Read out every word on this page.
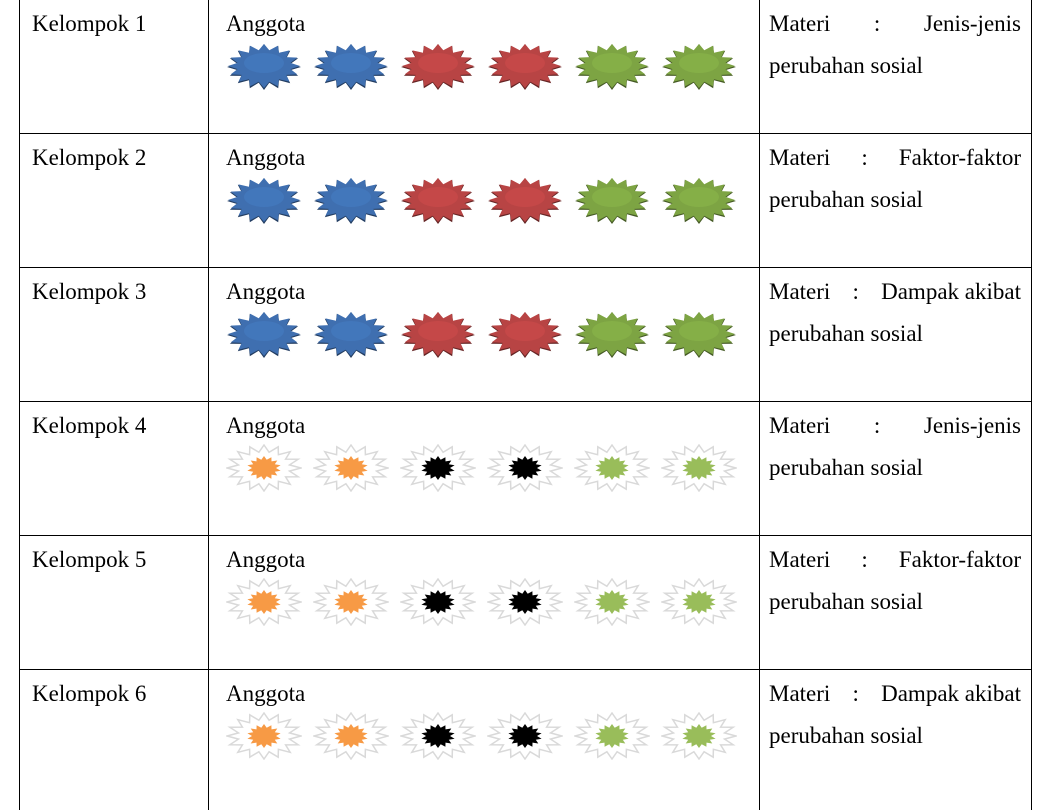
Kelompok 1	Anggota	Materi : Jenis-jenis
perubahan sosial

Kelompok 2	Anggota	Materi : Faktor-faktor
perubahan sosial

Kelompok 3	Anggota	Materi : Dampak akibat
perubahan sosial

Kelompok 4	Anggota	Materi : Jenis-jenis
perubahan sosial

Kelompok 5	Anggota	Materi : Faktor-faktor
perubahan sosial

Kelompok 6	Anggota	Materi : Dampak akibat
perubahan sosial
